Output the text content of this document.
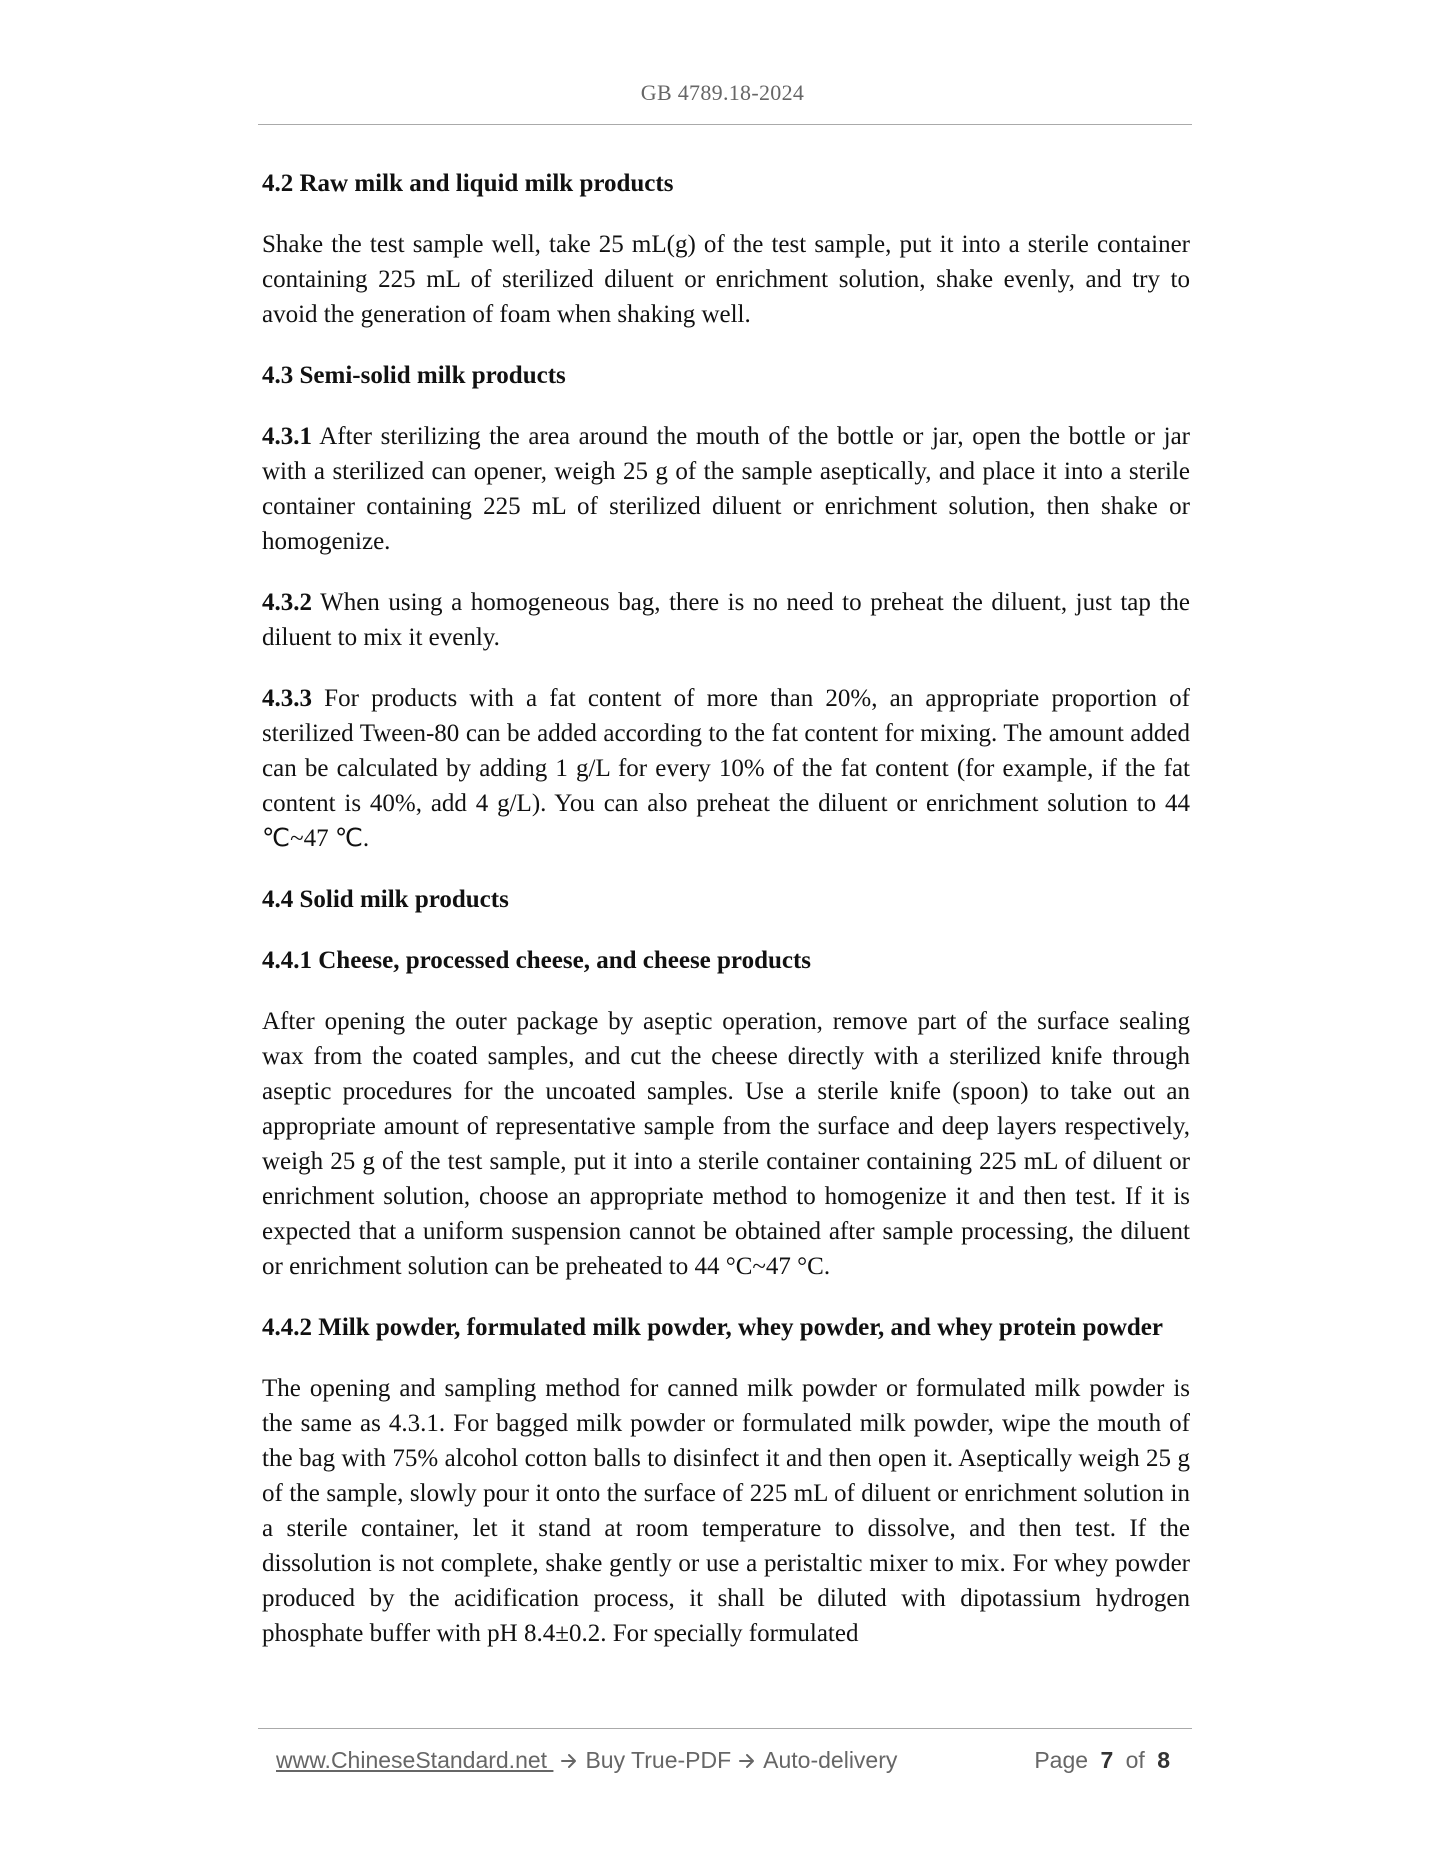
GB 4789.18-2024
4.2 Raw milk and liquid milk products

Shake the test sample well, take 25 mL(g) of the test sample, put it into a sterile container containing 225 mL of sterilized diluent or enrichment solution, shake evenly, and try to avoid the generation of foam when shaking well.

4.3 Semi-solid milk products

4.3.1 After sterilizing the area around the mouth of the bottle or jar, open the bottle or jar with a sterilized can opener, weigh 25 g of the sample aseptically, and place it into a sterile container containing 225 mL of sterilized diluent or enrichment solution, then shake or homogenize.

4.3.2 When using a homogeneous bag, there is no need to preheat the diluent, just tap the diluent to mix it evenly.

4.3.3 For products with a fat content of more than 20%, an appropriate proportion of sterilized Tween-80 can be added according to the fat content for mixing. The amount added can be calculated by adding 1 g/L for every 10% of the fat content (for example, if the fat content is 40%, add 4 g/L). You can also preheat the diluent or enrichment solution to 44 ℃~47 ℃.

4.4 Solid milk products
4.4.1 Cheese, processed cheese, and cheese products

After opening the outer package by aseptic operation, remove part of the surface sealing wax from the coated samples, and cut the cheese directly with a sterilized knife through aseptic procedures for the uncoated samples. Use a sterile knife (spoon) to take out an appropriate amount of representative sample from the surface and deep layers respectively, weigh 25 g of the test sample, put it into a sterile container containing 225 mL of diluent or enrichment solution, choose an appropriate method to homogenize it and then test. If it is expected that a uniform suspension cannot be obtained after sample processing, the diluent or enrichment solution can be preheated to 44 °C~47 °C.

4.4.2 Milk powder, formulated milk powder, whey powder, and whey protein powder

The opening and sampling method for canned milk powder or formulated milk powder is the same as 4.3.1. For bagged milk powder or formulated milk powder, wipe the mouth of the bag with 75% alcohol cotton balls to disinfect it and then open it. Aseptically weigh 25 g of the sample, slowly pour it onto the surface of 225 mL of diluent or enrichment solution in a sterile container, let it stand at room temperature to dissolve, and then test. If the dissolution is not complete, shake gently or use a peristaltic mixer to mix. For whey powder produced by the acidification process, it shall be diluted with dipotassium hydrogen phosphate buffer with pH 8.4±0.2. For specially formulated

www.ChineseStandard.net Buy True-PDF Auto-delivery	Page 7 of 8
